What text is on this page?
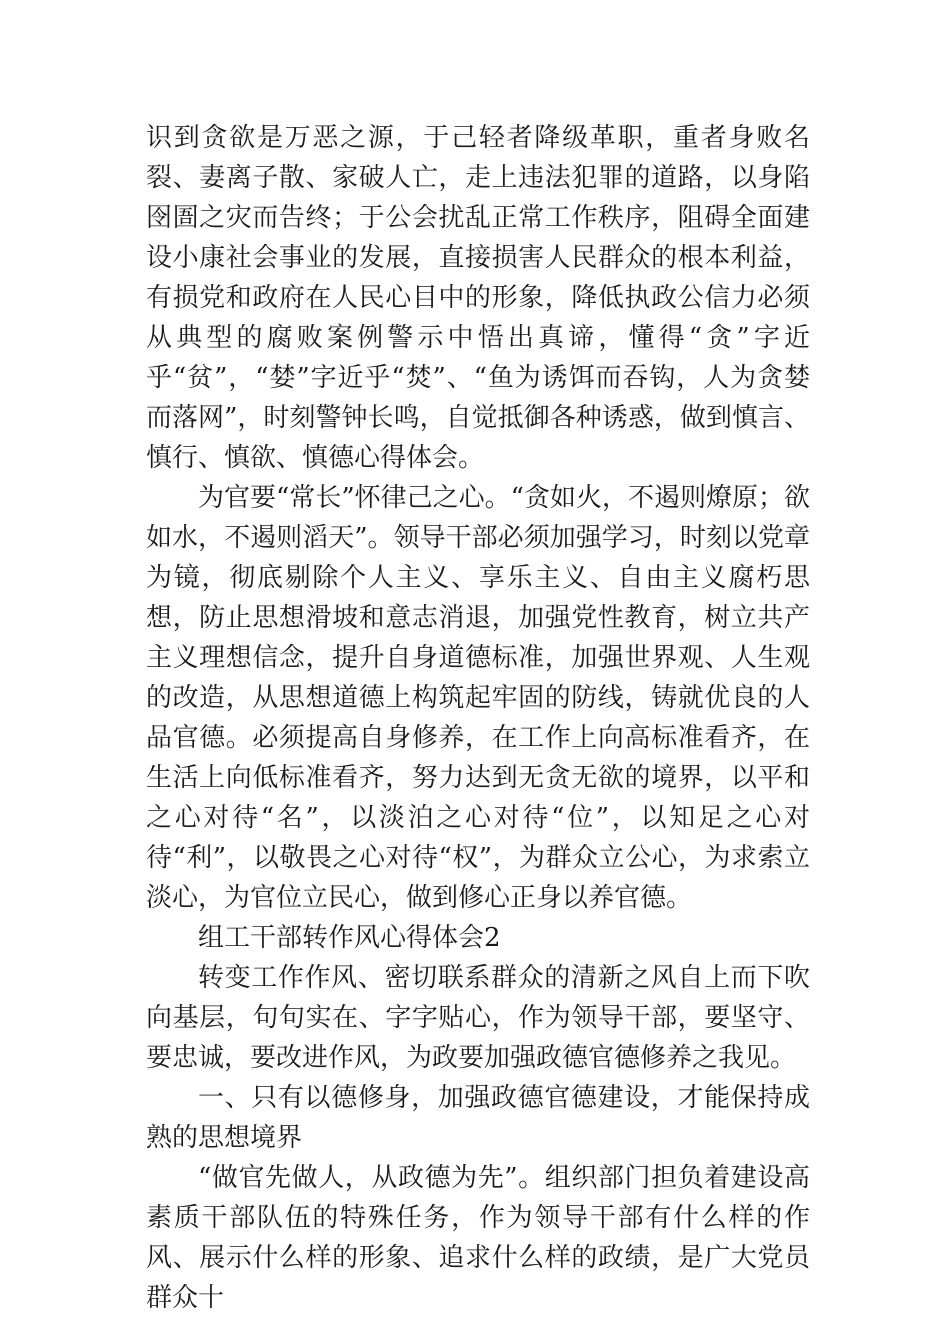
识到贪欲是万恶之源，于己轻者降级革职，重者身败名裂、妻离子散、家破人亡，走上违法犯罪的道路，以身陷囹圄之灾而告终；于公会扰乱正常工作秩序，阻碍全面建设小康社会事业的发展，直接损害人民群众的根本利益，有损党和政府在人民心目中的形象，降低执政公信力必须从典型的腐败案例警示中悟出真谛，懂得“贪”字近乎“贫”，“婪”字近乎“焚”、“鱼为诱饵而吞钩，人为贪婪而落网”，时刻警钟长鸣，自觉抵御各种诱惑，做到慎言、慎行、慎欲、慎德心得体会。

为官要“常长”怀律己之心。“贪如火，不遏则燎原；欲如水，不遏则滔天”。领导干部必须加强学习，时刻以党章为镜，彻底剔除个人主义、享乐主义、自由主义腐朽思想，防止思想滑坡和意志消退，加强党性教育，树立共产主义理想信念，提升自身道德标准，加强世界观、人生观的改造，从思想道德上构筑起牢固的防线，铸就优良的人品官德。必须提高自身修养，在工作上向高标准看齐，在生活上向低标准看齐，努力达到无贪无欲的境界，以平和之心对待“名”，以淡泊之心对待“位”，以知足之心对待“利”，以敬畏之心对待“权”，为群众立公心，为求索立淡心，为官位立民心，做到修心正身以养官德。

组工干部转作风心得体会2

转变工作作风、密切联系群众的清新之风自上而下吹向基层，句句实在、字字贴心，作为领导干部，要坚守、要忠诚，要改进作风，为政要加强政德官德修养之我见。

一、只有以德修身，加强政德官德建设，才能保持成熟的思想境界

“做官先做人，从政德为先”。组织部门担负着建设高素质干部队伍的特殊任务，作为领导干部有什么样的作风、展示什么样的形象、追求什么样的政绩，是广大党员群众十
